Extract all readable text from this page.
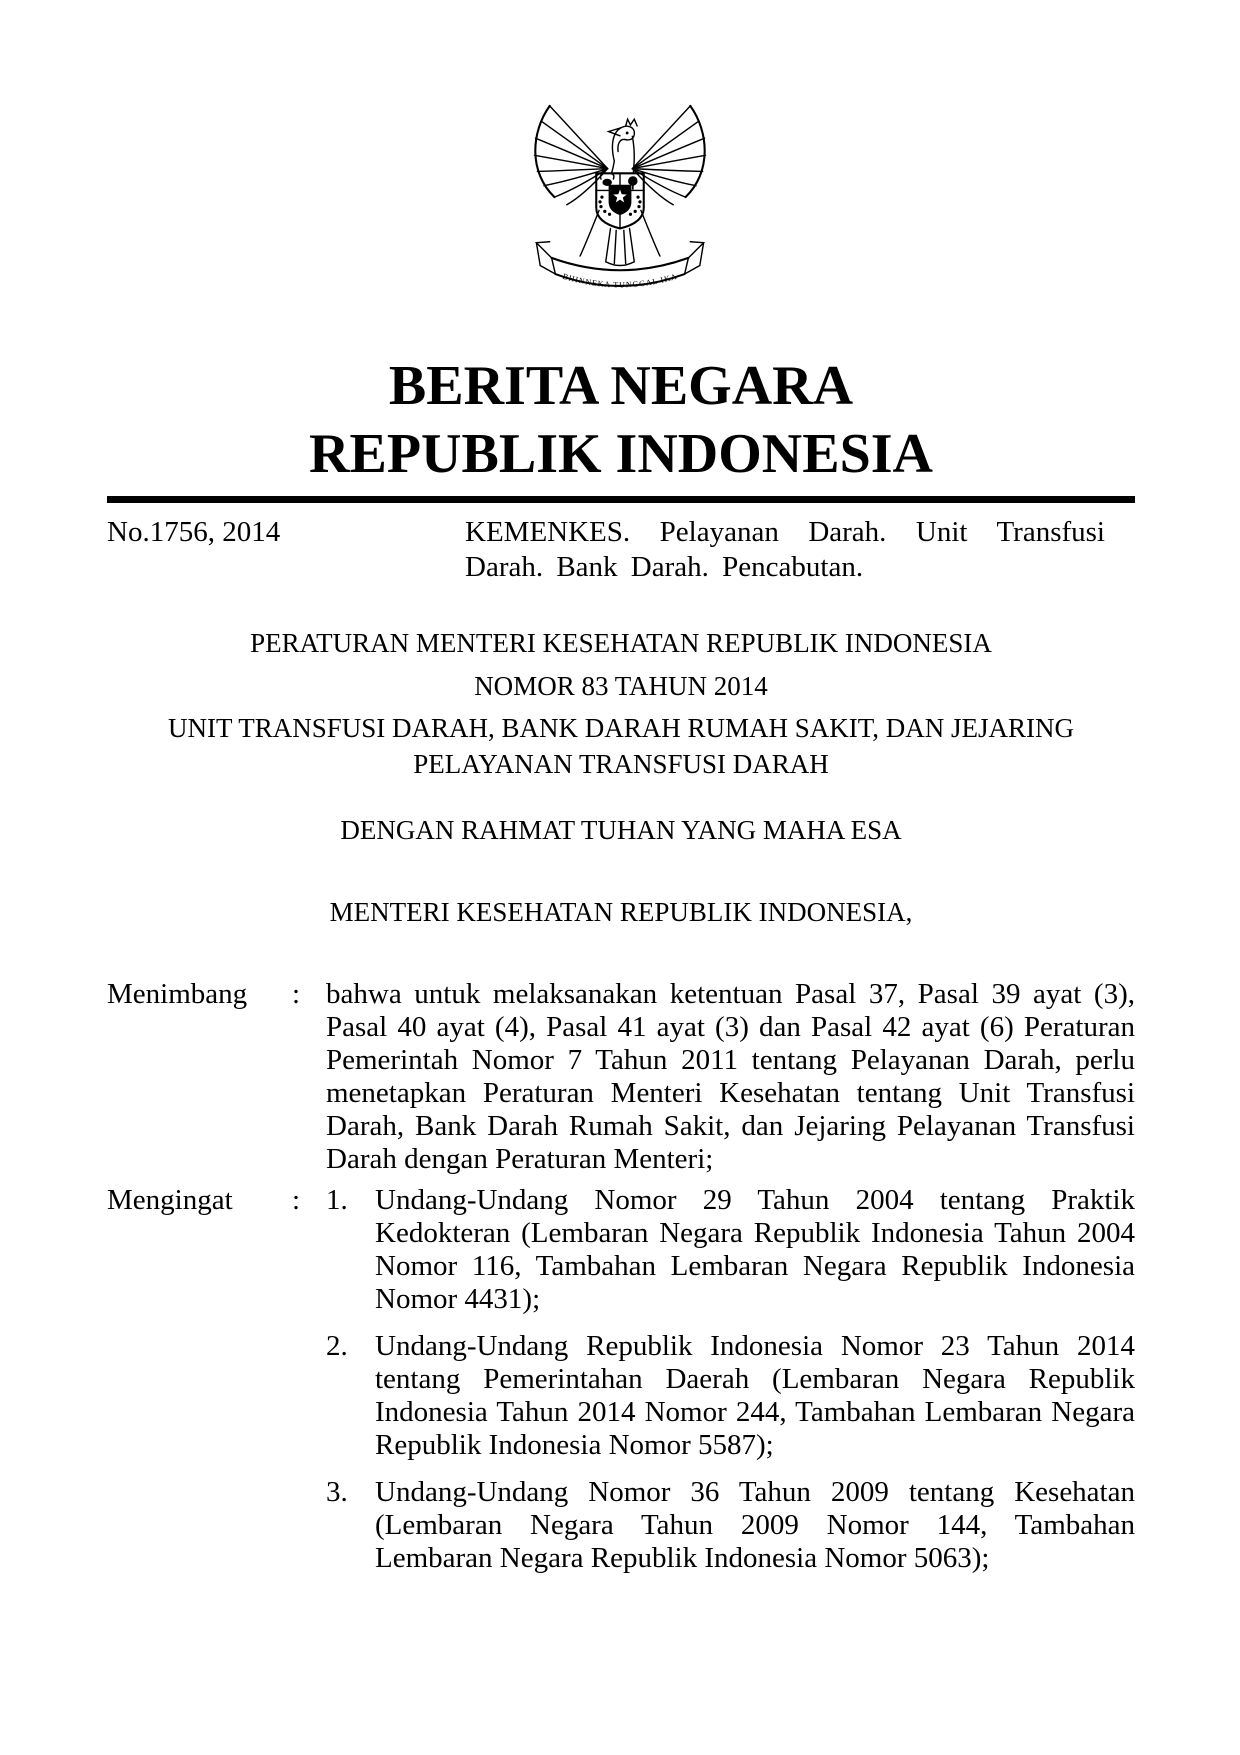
BHINNEKA TUNGGAL IKA
BERITA NEGARA
REPUBLIK INDONESIA
No.1756, 2014	KEMENKES. Pelayanan Darah. Unit Transfusi Darah. Bank Darah. Pencabutan.
PERATURAN MENTERI KESEHATAN REPUBLIK INDONESIA
NOMOR 83 TAHUN 2014
UNIT TRANSFUSI DARAH, BANK DARAH RUMAH SAKIT, DAN JEJARING PELAYANAN TRANSFUSI DARAH
DENGAN RAHMAT TUHAN YANG MAHA ESA
MENTERI KESEHATAN REPUBLIK INDONESIA,
Menimbang	: bahwa untuk melaksanakan ketentuan Pasal 37, Pasal 39 ayat (3), Pasal 40 ayat (4), Pasal 41 ayat (3) dan Pasal 42 ayat (6) Peraturan Pemerintah Nomor 7 Tahun 2011 tentang Pelayanan Darah, perlu menetapkan Peraturan Menteri Kesehatan tentang Unit Transfusi Darah, Bank Darah Rumah Sakit, dan Jejaring Pelayanan Transfusi Darah dengan Peraturan Menteri;
Mengingat	: 1. Undang-Undang Nomor 29 Tahun 2004 tentang Praktik Kedokteran (Lembaran Negara Republik Indonesia Tahun 2004 Nomor 116, Tambahan Lembaran Negara Republik Indonesia Nomor 4431);
2. Undang-Undang Republik Indonesia Nomor 23 Tahun 2014 tentang Pemerintahan Daerah (Lembaran Negara Republik Indonesia Tahun 2014 Nomor 244, Tambahan Lembaran Negara Republik Indonesia Nomor 5587);
3. Undang-Undang Nomor 36 Tahun 2009 tentang Kesehatan (Lembaran Negara Tahun 2009 Nomor 144, Tambahan Lembaran Negara Republik Indonesia Nomor 5063);
